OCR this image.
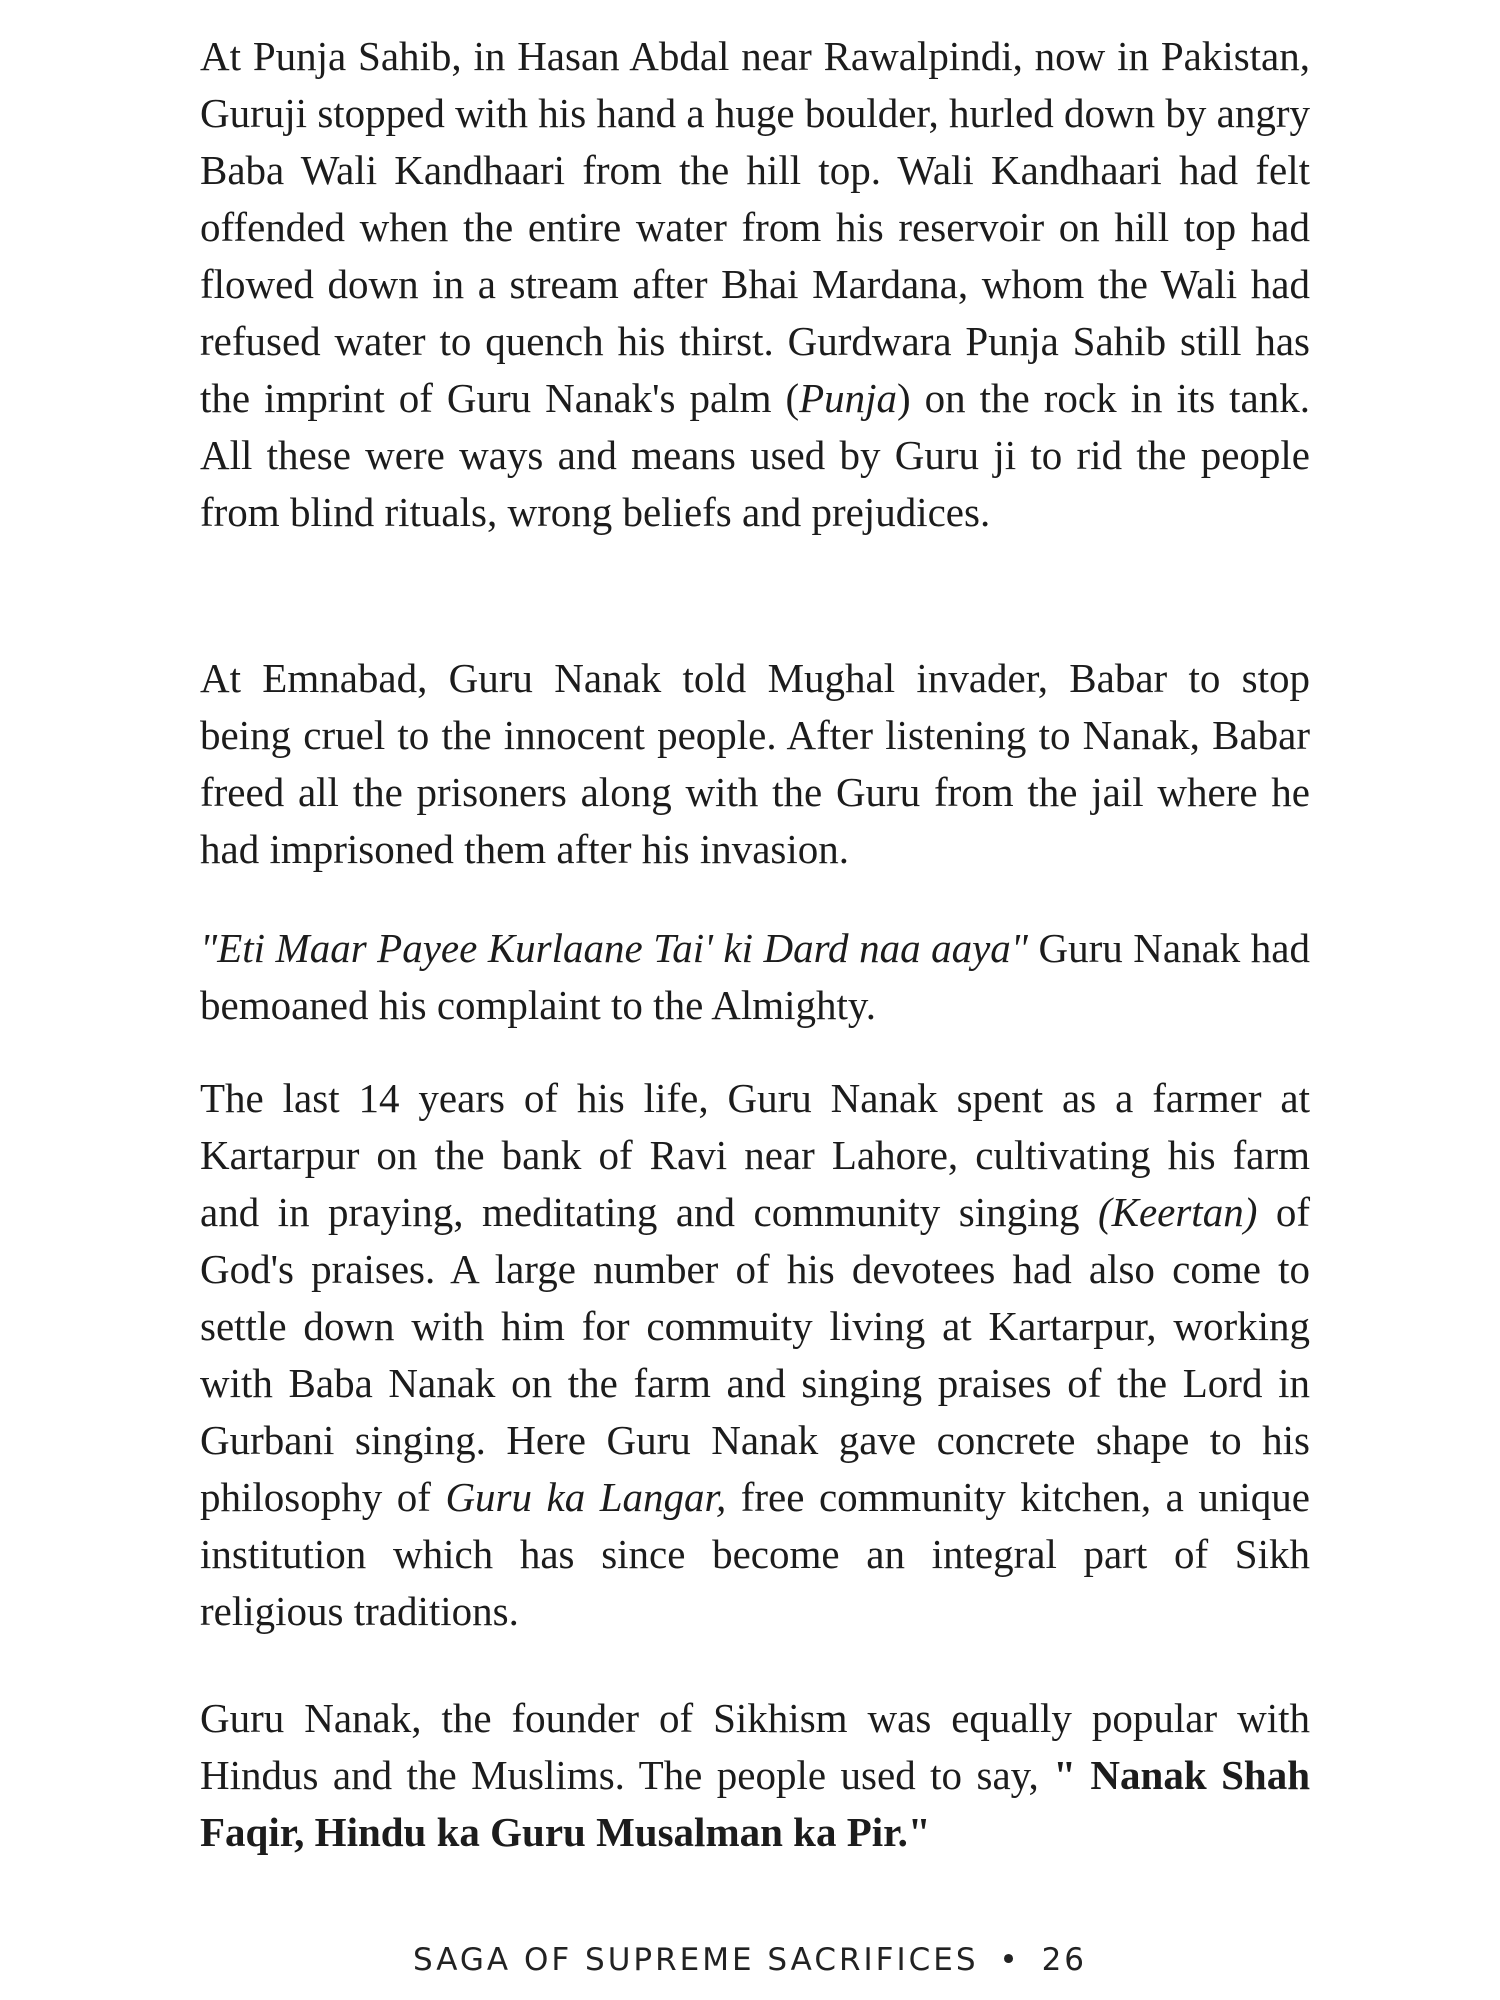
At Punja Sahib, in Hasan Abdal near Rawalpindi, now in Pakistan, Guruji stopped with his hand a huge boulder, hurled down by angry Baba Wali Kandhaari from the hill top. Wali Kandhaari had felt offended when the entire water from his reservoir on hill top had flowed down in a stream after Bhai Mardana, whom the Wali had refused water to quench his thirst. Gurdwara Punja Sahib still has the imprint of Guru Nanak's palm (Punja) on the rock in its tank. All these were ways and means used by Guru ji to rid the people from blind rituals, wrong beliefs and prejudices.

At Emnabad, Guru Nanak told Mughal invader, Babar to stop being cruel to the innocent people. After listening to Nanak, Babar freed all the prisoners along with the Guru from the jail where he had imprisoned them after his invasion.

"Eti Maar Payee Kurlaane Tai' ki Dard naa aaya" Guru Nanak had bemoaned his complaint to the Almighty.

The last 14 years of his life, Guru Nanak spent as a farmer at Kartarpur on the bank of Ravi near Lahore, cultivating his farm and in praying, meditating and community singing (Keertan) of God's praises. A large number of his devotees had also come to settle down with him for commuity living at Kartarpur, working with Baba Nanak on the farm and singing praises of the Lord in Gurbani singing. Here Guru Nanak gave concrete shape to his philosophy of Guru ka Langar, free community kitchen, a unique institution which has since become an integral part of Sikh religious traditions.

Guru Nanak, the founder of Sikhism was equally popular with Hindus and the Muslims. The people used to say, " Nanak Shah Faqir, Hindu ka Guru Musalman ka Pir."

SAGA OF SUPREME SACRIFICES • 26
